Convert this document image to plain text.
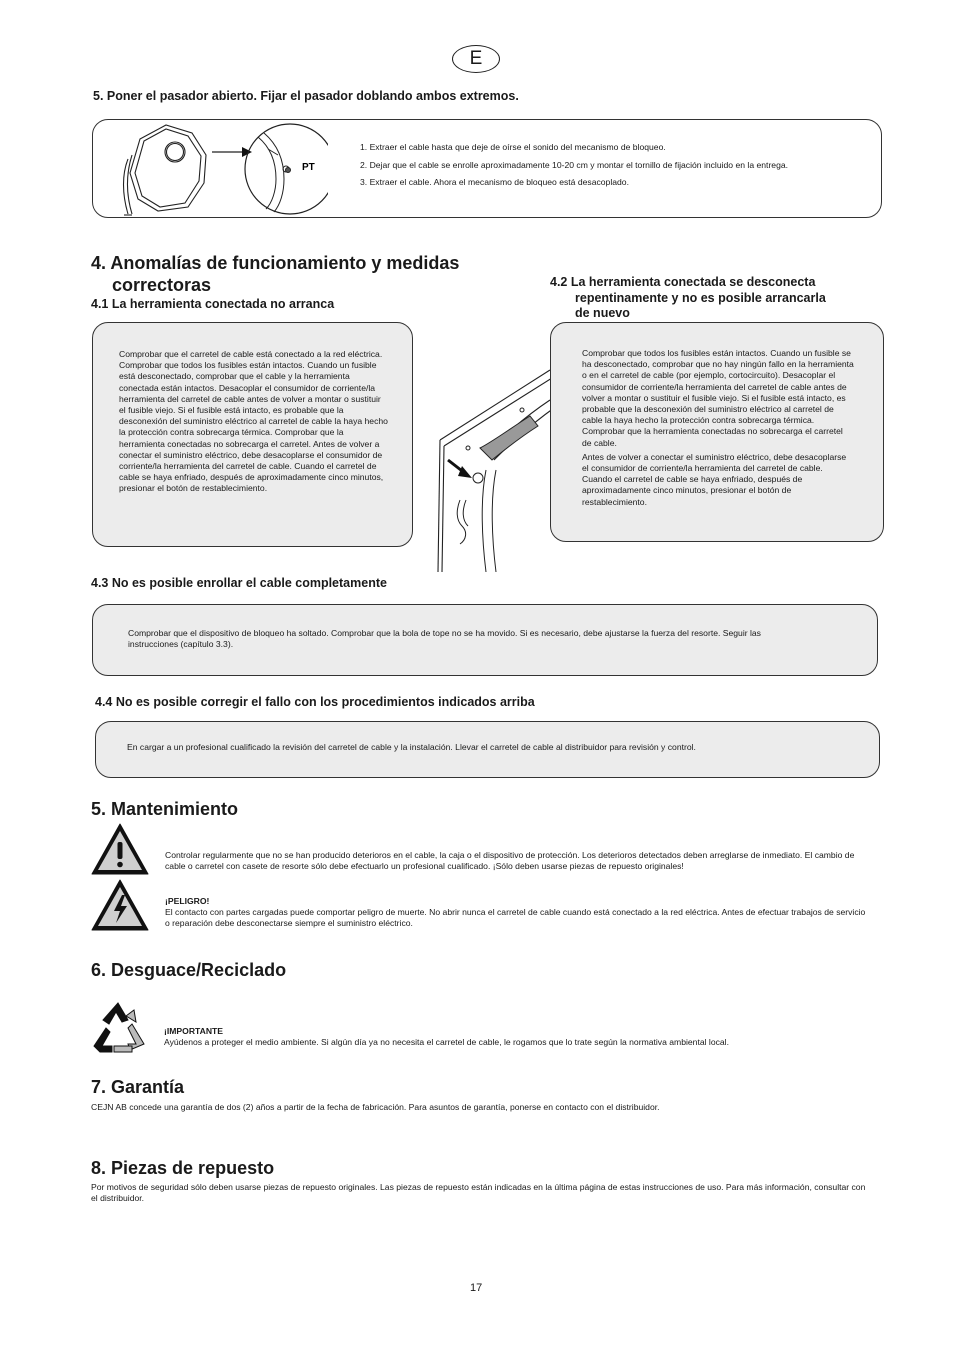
E
5. Poner el pasador abierto. Fijar el pasador doblando ambos extremos.
PT
1. Extraer el cable hasta que deje de oírse el sonido del mecanismo de bloqueo.
2. Dejar que el cable se enrolle aproximadamente 10-20 cm y montar el tornillo de fijación incluido en la entrega.
3. Extraer el cable. Ahora el mecanismo de bloqueo está desacoplado.
4. Anomalías de funcionamiento y medidas
correctoras
4.1 La herramienta conectada no arranca
Comprobar que el carretel de cable está conectado a la red eléctrica. Comprobar que todos los fusibles están intactos. Cuando un fusible está desconectado, comprobar que el cable y la herramienta conectada están intactos. Desacoplar el consumidor de corriente/la herramienta del carretel de cable antes de volver a montar o sustituir el fusible viejo. Si el fusible está intacto, es probable que la desconexión del suministro eléctrico al carretel de cable la haya hecho la protección contra sobrecarga térmica. Comprobar que la herramienta conectadas no sobrecarga el carretel. Antes de volver a conectar el suministro eléctrico, debe desacoplarse el consumidor de corriente/la herramienta del carretel de cable. Cuando el carretel de cable se haya enfriado, después de aproximadamente cinco minutos, presionar el botón de restablecimiento.
4.2 La herramienta conectada se desconecta
repentinamente y no es posible arrancarla
de nuevo
Comprobar que todos los fusibles están intactos. Cuando un fusible se ha desconectado, comprobar que no hay ningún fallo en la herramienta o en el carretel de cable (por ejemplo, cortocircuito). Desacoplar el consumidor de corriente/la herramienta del carretel de cable antes de volver a montar o sustituir el fusible viejo. Si el fusible está intacto, es probable que la desconexión del suministro eléctrico al carretel de cable la haya hecho la protección contra sobrecarga térmica. Comprobar que la herramienta conectadas no sobrecarga el carretel de cable.
Antes de volver a conectar el suministro eléctrico, debe desacoplarse el consumidor de corriente/la herramienta del carretel de cable. Cuando el carretel de cable se haya enfriado, después de aproximadamente cinco minutos, presionar el botón de restablecimiento.
4.3 No es posible enrollar el cable completamente
Comprobar que el dispositivo de bloqueo ha soltado. Comprobar que la bola de tope no se ha movido. Si es necesario, debe ajustarse la fuerza del resorte. Seguir las instrucciones (capítulo 3.3).
4.4 No es posible corregir el fallo con los procedimientos indicados arriba
En cargar a un profesional cualificado la revisión del carretel de cable y la instalación. Llevar el carretel de cable al distribuidor para revisión y control.
5. Mantenimiento
Controlar regularmente que no se han producido deterioros en el cable, la caja o el dispositivo de protección. Los deterioros detectados deben arreglarse de inmediato. El cambio de cable o carretel con casete de resorte sólo debe efectuarlo un profesional cualificado. ¡Sólo deben usarse piezas de repuesto originales!
¡PELIGRO!
El contacto con partes cargadas puede comportar peligro de muerte. No abrir nunca el carretel de cable cuando está conectado a la red eléctrica. Antes de efectuar trabajos de servicio o reparación debe desconectarse siempre el suministro eléctrico.
6. Desguace/Reciclado
¡IMPORTANTE
Ayúdenos a proteger el medio ambiente. Si algún día ya no necesita el carretel de cable, le rogamos que lo trate según la normativa ambiental local.
7. Garantía
CEJN AB concede una garantía de dos (2) años a partir de la fecha de fabricación. Para asuntos de garantía, ponerse en contacto con el distribuidor.
8. Piezas de repuesto
Por motivos de seguridad sólo deben usarse piezas de repuesto originales. Las piezas de repuesto están indicadas en la última página de estas instrucciones de uso. Para más información, consultar con el distribuidor.
17
